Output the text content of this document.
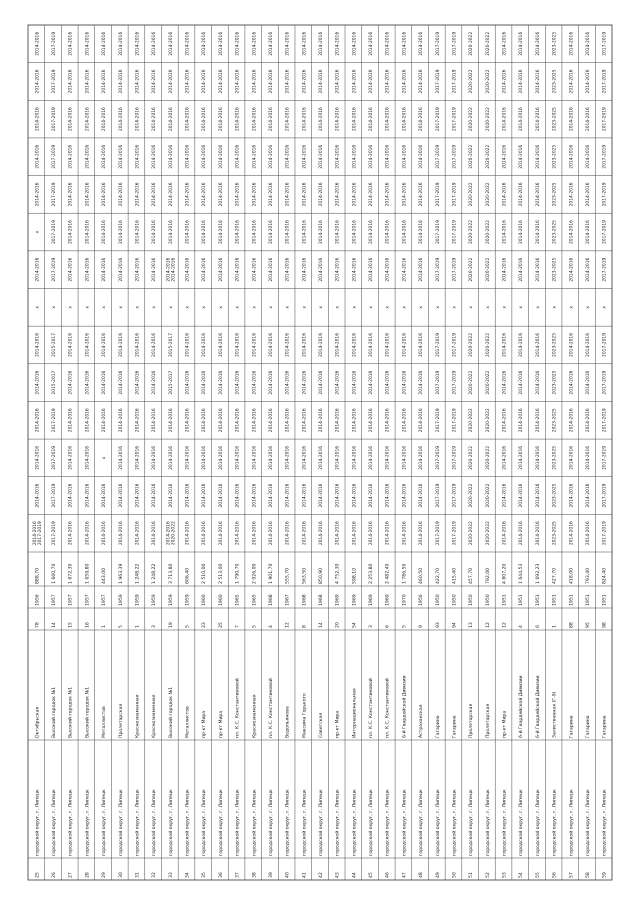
25
городской округ, г. Липецк
Октябрьская
78
1956
888,70
2014-2016 2017-2019
2014-2016
2014-2016
2014-2016
2014-2016
2014-2016
x
2014-2016
x
2014-2016
2014-2016
2014-2016
2014-2016
2014-2016
26
городской округ, г. Липецк
Высокий городок №1
14
1957
1 660,70
2017-2019
2017-2019
2017-2019
2017-2019
2015-2017
2015-2017
x
2017-2019
2017-2019
2017-2019
2017-2019
2017-2019
2017-2019
2017-2019
27
городской округ, г. Липецк
Высокий городок №1
15
1957
1 672,30
2014-2016
2014-2016
2014-2016
2014-2016
2014-2016
2014-2016
x
2014-2016
2014-2016
2014-2016
2014-2016
2014-2016
2014-2016
2014-2016
28
городской округ, г. Липецк
Высокий городок №1
16
1957
1 659,80
2014-2016
2014-2016
2014-2016
2014-2016
2014-2016
2014-2016
x
2014-2016
2014-2016
2014-2016
2014-2016
2014-2016
2014-2016
2014-2016
29
городской округ, г. Липецк
Металлистов
1
1957
443,00
2014-2016
2014-2016
x
2014-2016
2014-2016
2014-2016
x
2014-2016
2014-2016
2014-2016
2014-2016
2014-2016
2014-2016
2014-2016
30
городской округ, г. Липецк
Пролетарская
5
1959
1 963,39
2014-2016
2014-2016
2014-2016
2014-2016
2014-2016
2014-2016
x
2014-2016
2014-2016
2014-2016
2014-2016
2014-2016
2014-2016
2014-2016
31
городской округ, г. Липецк
Краснознаменная
1
1959
1 248,22
2014-2016
2014-2016
2014-2016
2014-2016
2014-2016
2014-2016
x
2014-2016
2014-2016
2014-2016
2014-2016
2014-2016
2014-2016
2014-2016
32
городской округ, г. Липецк
Краснознаменная
3
1959
1 248,22
2014-2016
2014-2016
2014-2016
2014-2016
2014-2016
2014-2016
x
2014-2016
2014-2016
2014-2016
2014-2016
2014-2016
2014-2016
2014-2016
33
городской округ, г. Липецк
Высокий городок №1
19
1959
3 713,80
2014-2016 2020-2022
2014-2016
2014-2016
2014-2016
2015-2017
2015-2017
x
2014-2016 2014-2016
2014-2016
2014-2016
2014-2016
2014-2016
2014-2016
2014-2016
34
городской округ, г. Липецк
Металлистов
5
1959
606,40
2014-2016
2014-2016
2014-2016
2014-2016
2014-2016
2014-2016
x
2014-2016
2014-2016
2014-2016
2014-2016
2014-2016
2014-2016
2014-2016
35
городской округ, г. Липецк
пр-кт Мира
23
1960
2 510,00
2014-2016
2014-2016
2014-2016
2014-2016
2014-2016
2014-2016
x
2014-2016
2014-2016
2014-2016
2014-2016
2014-2016
2014-2016
2014-2016
36
городской округ, г. Липецк
пр-кт Мира
25
1960
2 513,00
2014-2016
2014-2016
2014-2016
2014-2016
2014-2016
2014-2016
x
2014-2016
2014-2016
2014-2016
2014-2016
2014-2016
2014-2016
2014-2016
37
городской округ, г. Липецк
пл. К.С. Константиновой
7
1965
1 790,70
2014-2016
2014-2016
2014-2016
2014-2016
2014-2016
2014-2016
x
2014-2016
2014-2016
2014-2016
2014-2016
2014-2016
2014-2016
2014-2016
38
городской округ, г. Липецк
Краснознаменная
5
1965
2 026,00
2014-2016
2014-2016
2014-2016
2014-2016
2014-2016
2014-2016
x
2014-2016
2014-2016
2014-2016
2014-2016
2014-2016
2014-2016
2014-2016
39
городской округ, г. Липецк
пл. К.С. Константиновой
4
1968
1 901,70
2014-2016
2014-2016
2014-2016
2014-2016
2014-2016
2014-2016
x
2014-2016
2014-2016
2014-2016
2014-2016
2014-2016
2014-2016
2014-2016
40
городской округ, г. Липецк
Водопьянова
12
1967
555,70
2014-2016
2014-2016
2014-2016
2014-2016
2014-2016
2014-2016
x
2014-2016
2014-2016
2014-2016
2014-2016
2014-2016
2014-2016
2014-2016
41
городской округ, г. Липецк
Максима Горького
8
1968
563,50
2014-2016
2014-2016
2014-2016
2014-2016
2014-2016
2014-2016
x
2014-2016
2014-2016
2014-2016
2014-2016
2014-2016
2014-2016
2014-2016
42
городской округ, г. Липецк
Советская
14
1968
850,90
2014-2016
2014-2016
2014-2016
2014-2016
2014-2016
2014-2016
x
2014-2016
2014-2016
2014-2016
2014-2016
2014-2016
2014-2016
2014-2016
43
городской округ, г. Липецк
пр-кт Мира
20
1969
4 752,30
2014-2016
2014-2016
2014-2016
2014-2016
2014-2016
2014-2016
x
2014-2016
2014-2016
2014-2016
2014-2016
2014-2016
2014-2016
2014-2016
44
городской округ, г. Липецк
Интернациональная
54
1969
598,10
2014-2016
2014-2016
2014-2016
2014-2016
2014-2016
2014-2016
x
2014-2016
2014-2016
2014-2016
2014-2016
2014-2016
2014-2016
2014-2016
45
городской округ, г. Липецк
пл. К.С. Константиновой
3
1969
2 253,80
2014-2016
2014-2016
2014-2016
2014-2016
2014-2016
2014-2016
x
2014-2016
2014-2016
2014-2016
2014-2016
2014-2016
2014-2016
2014-2016
46
городской округ, г. Липецк
пл. К.С. Константиновой
6
1969
2 482,40
2014-2016
2014-2016
2014-2016
2014-2016
2014-2016
2014-2016
x
2014-2016
2014-2016
2014-2016
2014-2016
2014-2016
2014-2016
2014-2016
47
городской округ, г. Липецк
6-й Гвардейской Дивизии
5
1970
1 786,50
2014-2016
2014-2016
2014-2016
2014-2016
2014-2016
2014-2016
x
2014-2016
2014-2016
2014-2016
2014-2016
2014-2016
2014-2016
2014-2016
48
городской округ, г. Липецк
Астраханская
9
1956
460,50
2014-2016
2014-2016
2014-2016
2014-2016
2014-2016
2014-2016
x
2014-2016
2014-2016
2014-2016
2014-2016
2014-2016
2014-2016
2014-2016
49
городской округ, г. Липецк
Гагарина
93
1950
422,70
2017-2019
2017-2019
2017-2019
2017-2019
2017-2019
2017-2019
x
2017-2019
2017-2019
2017-2019
2017-2019
2017-2019
2017-2019
2017-2019
50
городской округ, г. Липецк
Гагарина
94
1950
415,40
2017-2019
2017-2019
2017-2019
2017-2019
2017-2019
2017-2019
x
2017-2019
2017-2019
2017-2019
2017-2019
2017-2019
2017-2019
2017-2019
51
городской округ, г. Липецк
Пролетарская
13
1950
457,70
2020-2022
2020-2022
2020-2022
2020-2022
2020-2022
2020-2022
x
2020-2022
2020-2022
2020-2022
2020-2022
2020-2022
2020-2022
2020-2022
52
городской округ, г. Липецк
Пролетарская
12
1950
792,00
2020-2022
2020-2022
2020-2022
2020-2022
2020-2022
2020-2022
x
2020-2022
2020-2022
2020-2022
2020-2022
2020-2022
2020-2022
2020-2022
53
городской округ, г. Липецк
пр-кт Мира
12
1951
4 807,20
2014-2016
2014-2016
2014-2016
2014-2016
2014-2016
2014-2016
x
2014-2016
2014-2016
2014-2016
2014-2016
2014-2016
2014-2016
2014-2016
54
городской округ, г. Липецк
6-й Гвардейской Дивизии
4
1951
1 644,53
2014-2016
2014-2016
2014-2016
2014-2016
2014-2016
2014-2016
x
2014-2016
2014-2016
2014-2016
2014-2016
2014-2016
2014-2016
2014-2016
55
городской округ, г. Липецк
6-й Гвардейской Дивизии
6
1951
1 692,23
2014-2016
2014-2016
2014-2016
2014-2016
2014-2016
2014-2016
x
2014-2016
2014-2016
2014-2016
2014-2016
2014-2016
2014-2016
2014-2016
56
городской округ, г. Липецк
Залиственная (Г-9)
1
1951
427,70
2023-2025
2023-2025
2023-2025
2023-2025
2023-2025
2023-2025
x
2023-2025
2023-2025
2023-2025
2023-2025
2023-2025
2023-2025
2023-2025
57
городской округ, г. Липецк
Гагарина
88
1951
418,00
2014-2016
2014-2016
2014-2016
2014-2016
2014-2016
2014-2016
x
2014-2016
2014-2016
2014-2016
2014-2016
2014-2016
2014-2016
2014-2016
58
городской округ, г. Липецк
Гагарина
95
1951
793,40
2014-2016
2014-2016
2014-2016
2014-2016
2014-2016
2014-2016
x
2014-2016
2014-2016
2014-2016
2014-2016
2014-2016
2014-2016
2014-2016
59
городской округ, г. Липецк
Гагарина
98
1951
824,40
2017-2019
2017-2019
2017-2019
2017-2019
2017-2019
2017-2019
x
2017-2019
2017-2019
2017-2019
2017-2019
2017-2019
2017-2019
2017-2019
